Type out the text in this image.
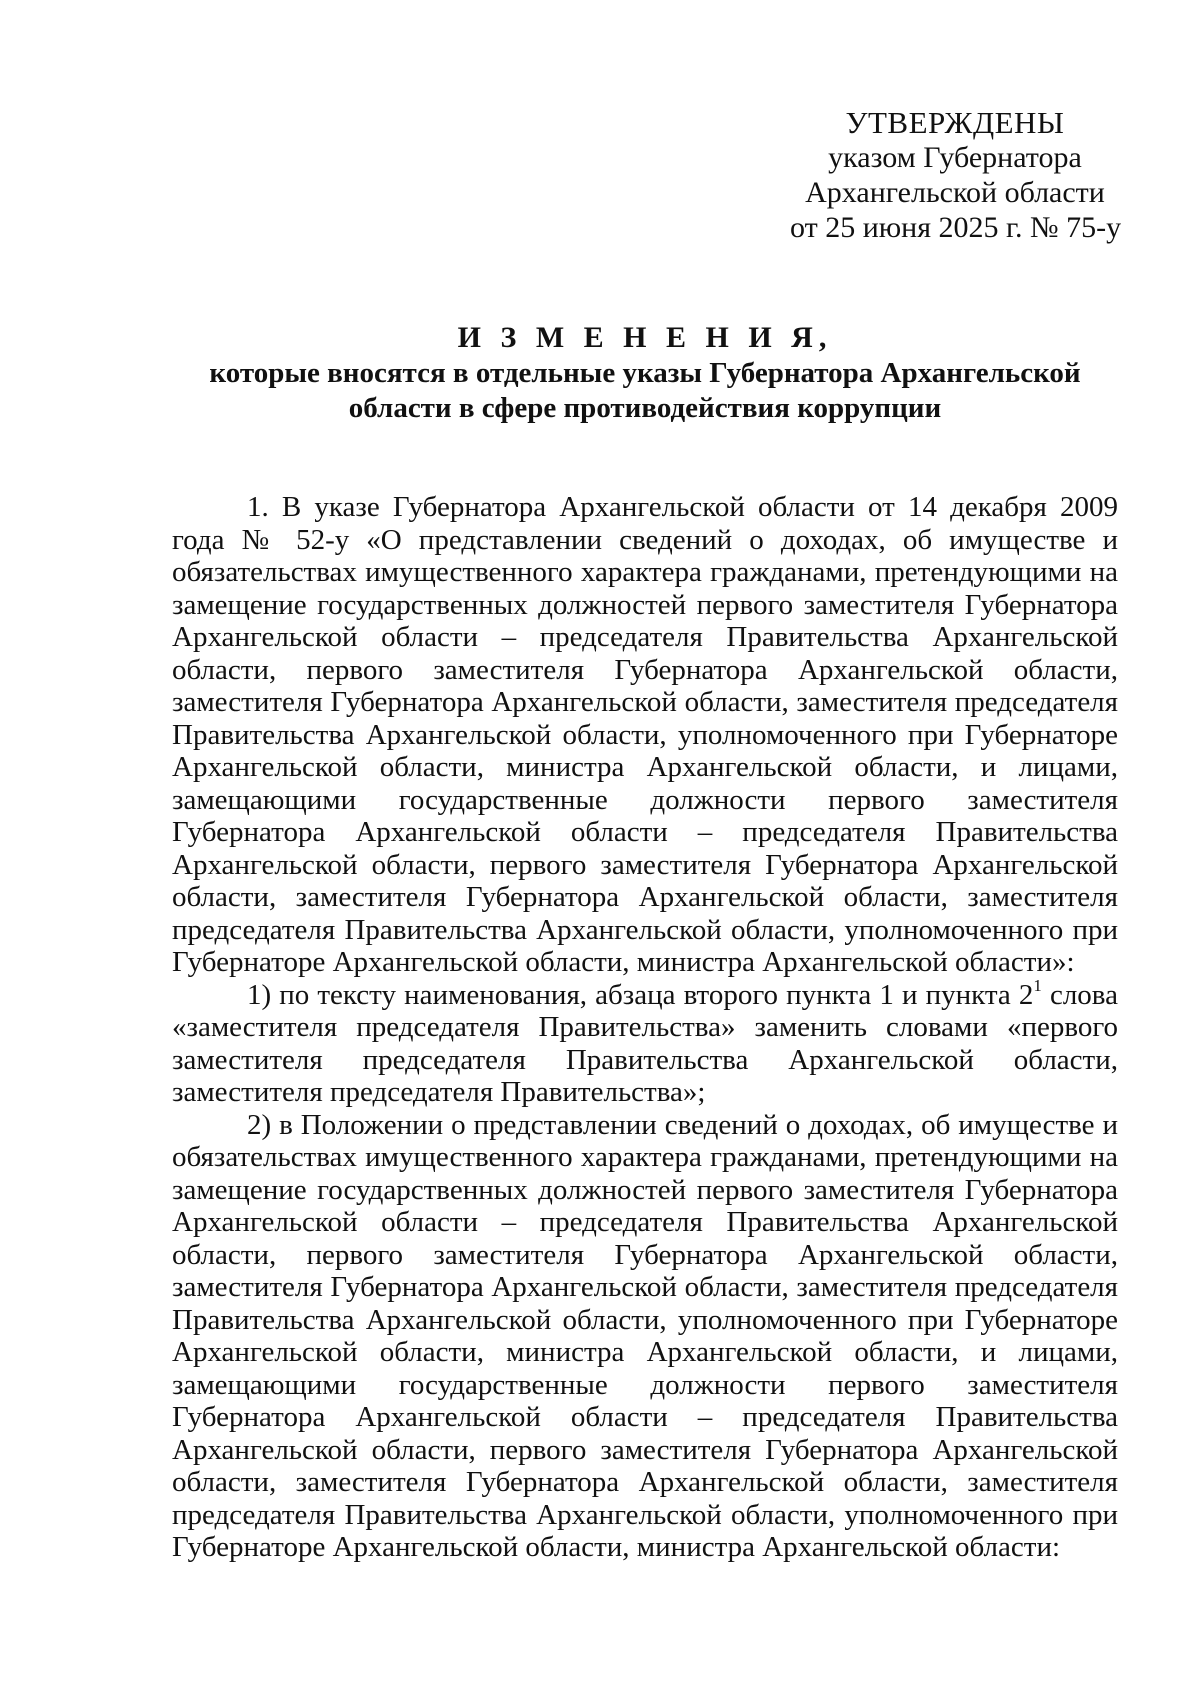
УТВЕРЖДЕНЫ
указом Губернатора
Архангельской области
от 25 июня 2025 г. № 75-у
И З М Е Н Е Н И Я,
которые вносятся в отдельные указы Губернатора Архангельской области в сфере противодействия коррупции

1. В указе Губернатора Архангельской области от 14 декабря 2009 года № 52-у «О представлении сведений о доходах, об имуществе и обязательствах имущественного характера гражданами, претендующими на замещение государственных должностей первого заместителя Губернатора Архангельской области – председателя Правительства Архангельской области, первого заместителя Губернатора Архангельской области, заместителя Губернатора Архангельской области, заместителя председателя Правительства Архангельской области, уполномоченного при Губернаторе Архангельской области, министра Архангельской области, и лицами, замещающими государственные должности первого заместителя Губернатора Архангельской области – председателя Правительства Архангельской области, первого заместителя Губернатора Архангельской области, заместителя Губернатора Архангельской области, заместителя председателя Правительства Архангельской области, уполномоченного при Губернаторе Архангельской области, министра Архангельской области»:

1) по тексту наименования, абзаца второго пункта 1 и пункта $2^1$ слова «заместителя председателя Правительства» заменить словами «первого заместителя председателя Правительства Архангельской области, заместителя председателя Правительства»;

2) в Положении о представлении сведений о доходах, об имуществе и обязательствах имущественного характера гражданами, претендующими на замещение государственных должностей первого заместителя Губернатора Архангельской области – председателя Правительства Архангельской области, первого заместителя Губернатора Архангельской области, заместителя Губернатора Архангельской области, заместителя председателя Правительства Архангельской области, уполномоченного при Губернаторе Архангельской области, министра Архангельской области, и лицами, замещающими государственные должности первого заместителя Губернатора Архангельской области – председателя Правительства Архангельской области, первого заместителя Губернатора Архангельской области, заместителя Губернатора Архангельской области, заместителя председателя Правительства Архангельской области, уполномоченного при Губернаторе Архангельской области, министра Архангельской области:
